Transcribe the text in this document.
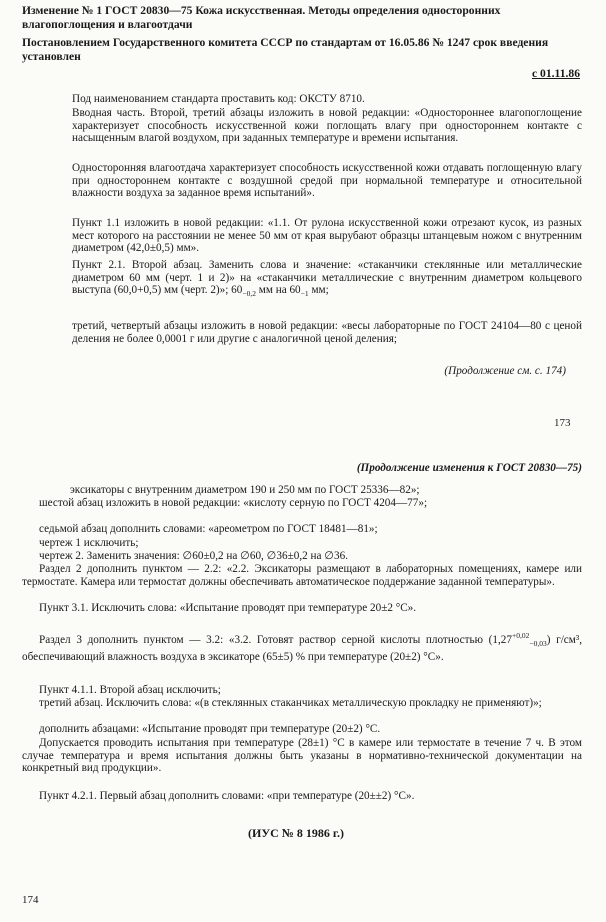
Изменение № 1 ГОСТ 20830—75 Кожа искусственная. Методы определения односторонних влагопоглощения и влагоотдачи

Постановлением Государственного комитета СССР по стандартам от 16.05.86 № 1247 срок введения установлен

с 01.11.86

Под наименованием стандарта проставить код: ОКСТУ 8710.

Вводная часть. Второй, третий абзацы изложить в новой редакции: «Одностороннее влагопоглощение характеризует способность искусственной кожи поглощать влагу при одностороннем контакте с насыщенным влагой воздухом, при заданных температуре и времени испытания.

Односторонняя влагоотдача характеризует способность искусственной кожи отдавать поглощенную влагу при одностороннем контакте с воздушной средой при нормальной температуре и относительной влажности воздуха за заданное время испытаний».

Пункт 1.1 изложить в новой редакции: «1.1. От рулона искусственной кожи отрезают кусок, из разных мест которого на расстоянии не менее 50 мм от края вырубают образцы штанцевым ножом с внутренним диаметром (42,0±0,5) мм».

Пункт 2.1. Второй абзац. Заменить слова и значение: «стаканчики стеклянные или металлические диаметром 60 мм (черт. 1 и 2)» на «стаканчики металлические с внутренним диаметром кольцевого выступа (60,0+0,5) мм (черт. 2)»; $60_{-0,2}$ мм на $60_{-1}$ мм;

третий, четвертый абзацы изложить в новой редакции: «весы лабораторные по ГОСТ 24104—80 с ценой деления не более 0,0001 г или другие с аналогичной ценой деления;

(Продолжение см. с. 174)

173

(Продолжение изменения к ГОСТ 20830—75)

эксикаторы с внутренним диаметром 190 и 250 мм по ГОСТ 25336—82»;

шестой абзац изложить в новой редакции: «кислоту серную по ГОСТ 4204—77»;

седьмой абзац дополнить словами: «ареометром по ГОСТ 18481—81»;

чертеж 1 исключить;

чертеж 2. Заменить значения: ∅60±0,2 на ∅60, ∅36±0,2 на ∅36.

Раздел 2 дополнить пунктом — 2.2: «2.2. Эксикаторы размещают в лабораторных помещениях, камере или термостате. Камера или термостат должны обеспечивать автоматическое поддержание заданной температуры».

Пункт 3.1. Исключить слова: «Испытание проводят при температуре 20±2 °С».

Раздел 3 дополнить пунктом — 3.2: «3.2. Готовят раствор серной кислоты плотностью $(1,27^{+0,02}_{-0,03})$ г/см³, обеспечивающий влажность воздуха в эксикаторе (65±5) % при температуре (20±2) °С».

Пункт 4.1.1. Второй абзац исключить;

третий абзац. Исключить слова: «(в стеклянных стаканчиках металлическую прокладку не применяют)»;

дополнить абзацами: «Испытание проводят при температуре (20±2) °С.

Допускается проводить испытания при температуре (28±1) °С в камере или термостате в течение 7 ч. В этом случае температура и время испытания должны быть указаны в нормативно-технической документации на конкретный вид продукции».

Пункт 4.2.1. Первый абзац дополнить словами: «при температуре (20±±2) °С».

(ИУС № 8 1986 г.)

174
